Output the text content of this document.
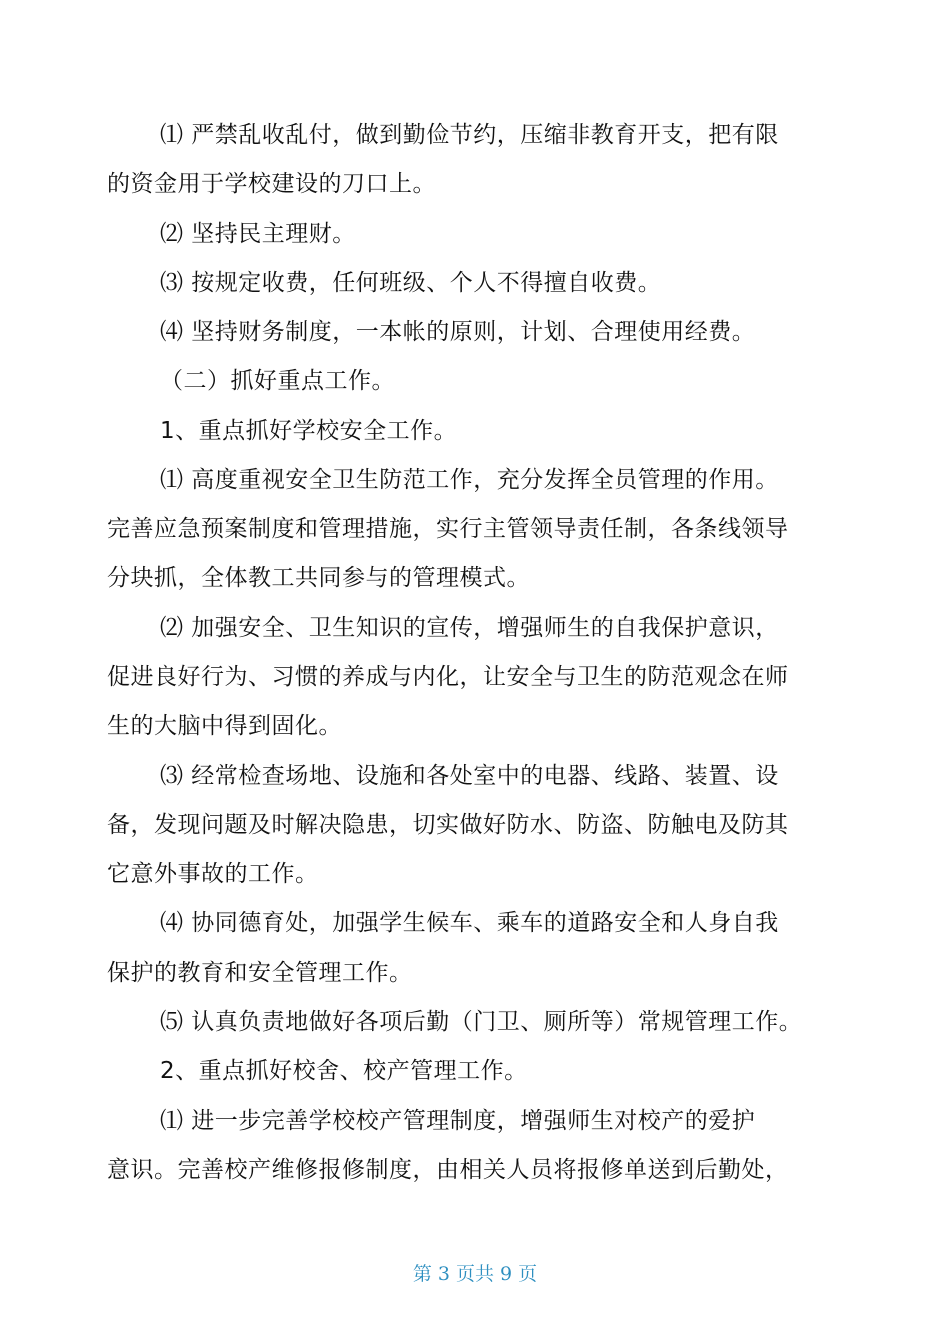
⑴ 严禁乱收乱付，做到勤俭节约，压缩非教育开支，把有限
的资金用于学校建设的刀口上。
⑵ 坚持民主理财。
⑶ 按规定收费，任何班级、个人不得擅自收费。
⑷ 坚持财务制度，一本帐的原则，计划、合理使用经费。
（二）抓好重点工作。
1、重点抓好学校安全工作。
⑴ 高度重视安全卫生防范工作，充分发挥全员管理的作用。
完善应急预案制度和管理措施，实行主管领导责任制，各条线领导
分块抓，全体教工共同参与的管理模式。
⑵ 加强安全、卫生知识的宣传，增强师生的自我保护意识，
促进良好行为、习惯的养成与内化，让安全与卫生的防范观念在师
生的大脑中得到固化。
⑶ 经常检查场地、设施和各处室中的电器、线路、装置、设
备，发现问题及时解决隐患，切实做好防水、防盗、防触电及防其
它意外事故的工作。
⑷ 协同德育处，加强学生候车、乘车的道路安全和人身自我
保护的教育和安全管理工作。
⑸ 认真负责地做好各项后勤（门卫、厕所等）常规管理工作。
2、重点抓好校舍、校产管理工作。
⑴ 进一步完善学校校产管理制度，增强师生对校产的爱护
意识。完善校产维修报修制度，由相关人员将报修单送到后勤处，
第 3 页共 9 页
